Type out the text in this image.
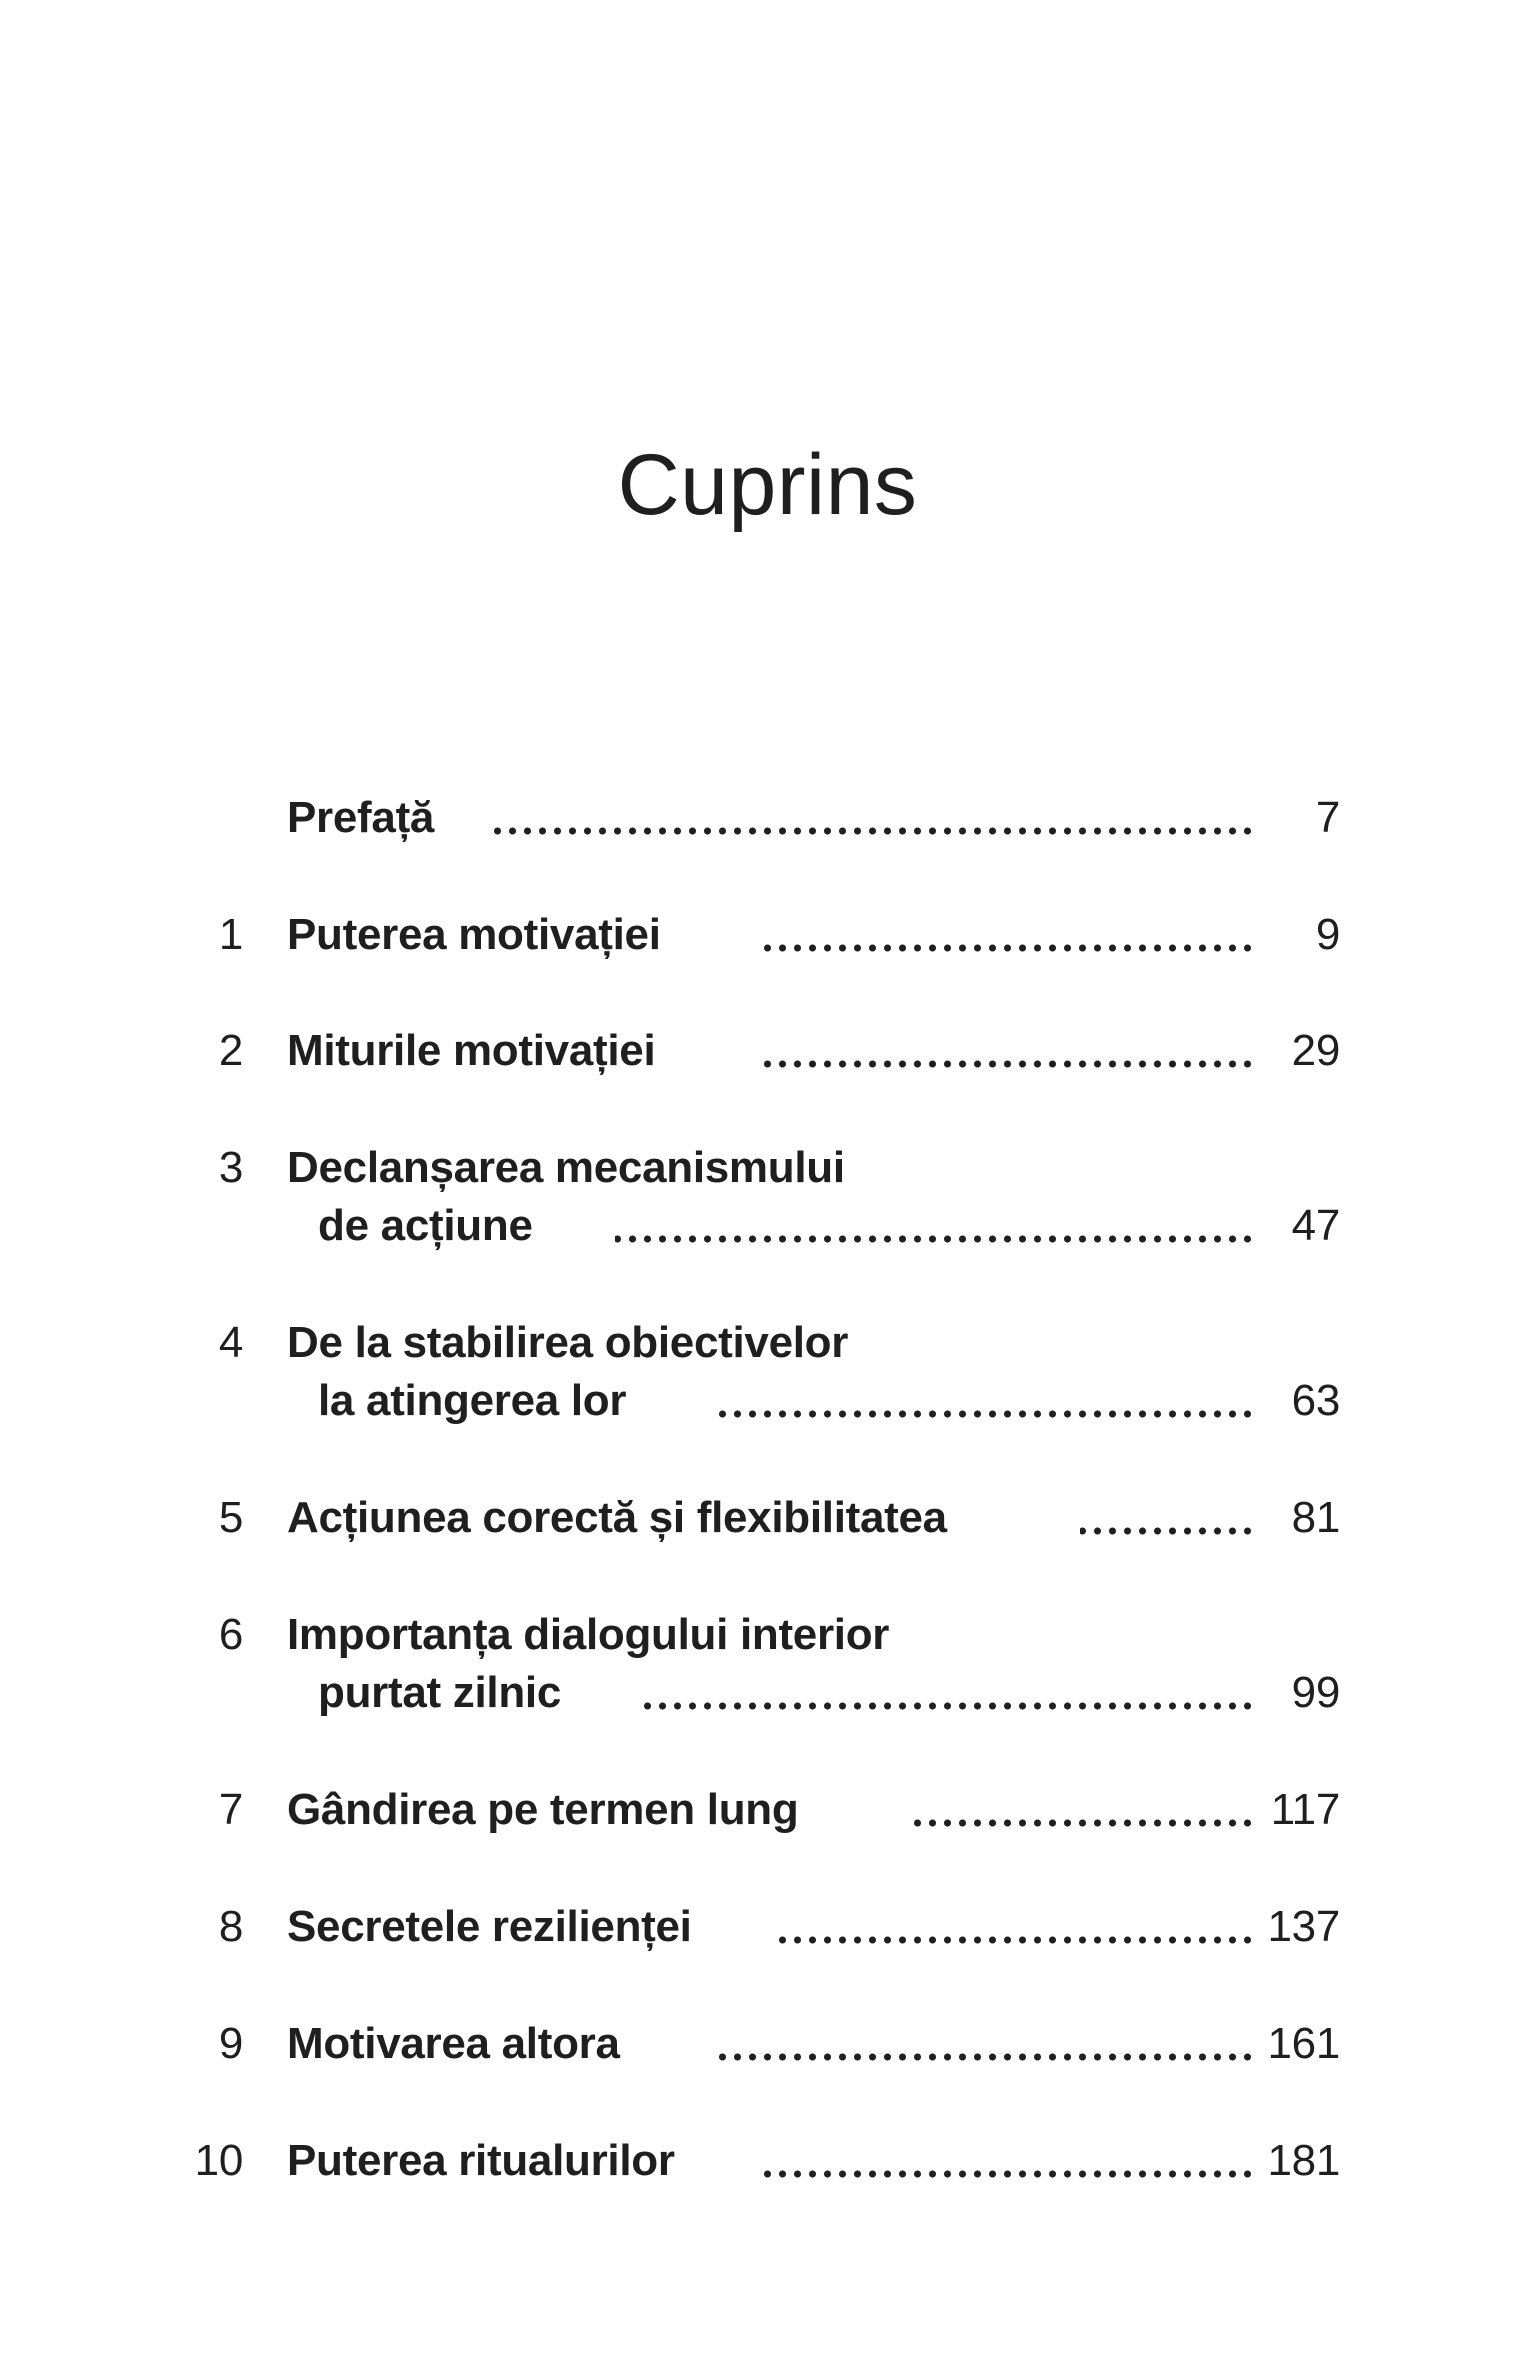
Cuprins
Prefață	7
1 Puterea motivației	9
2 Miturile motivației	29
3 Declanșarea mecanismului
de acțiune	47
4 De la stabilirea obiectivelor
la atingerea lor	63
5 Acțiunea corectă și flexibilitatea	81
6 Importanța dialogului interior
purtat zilnic	99
7 Gândirea pe termen lung	117
8 Secretele rezilienței	137
9 Motivarea altora	161
10 Puterea ritualurilor	181
